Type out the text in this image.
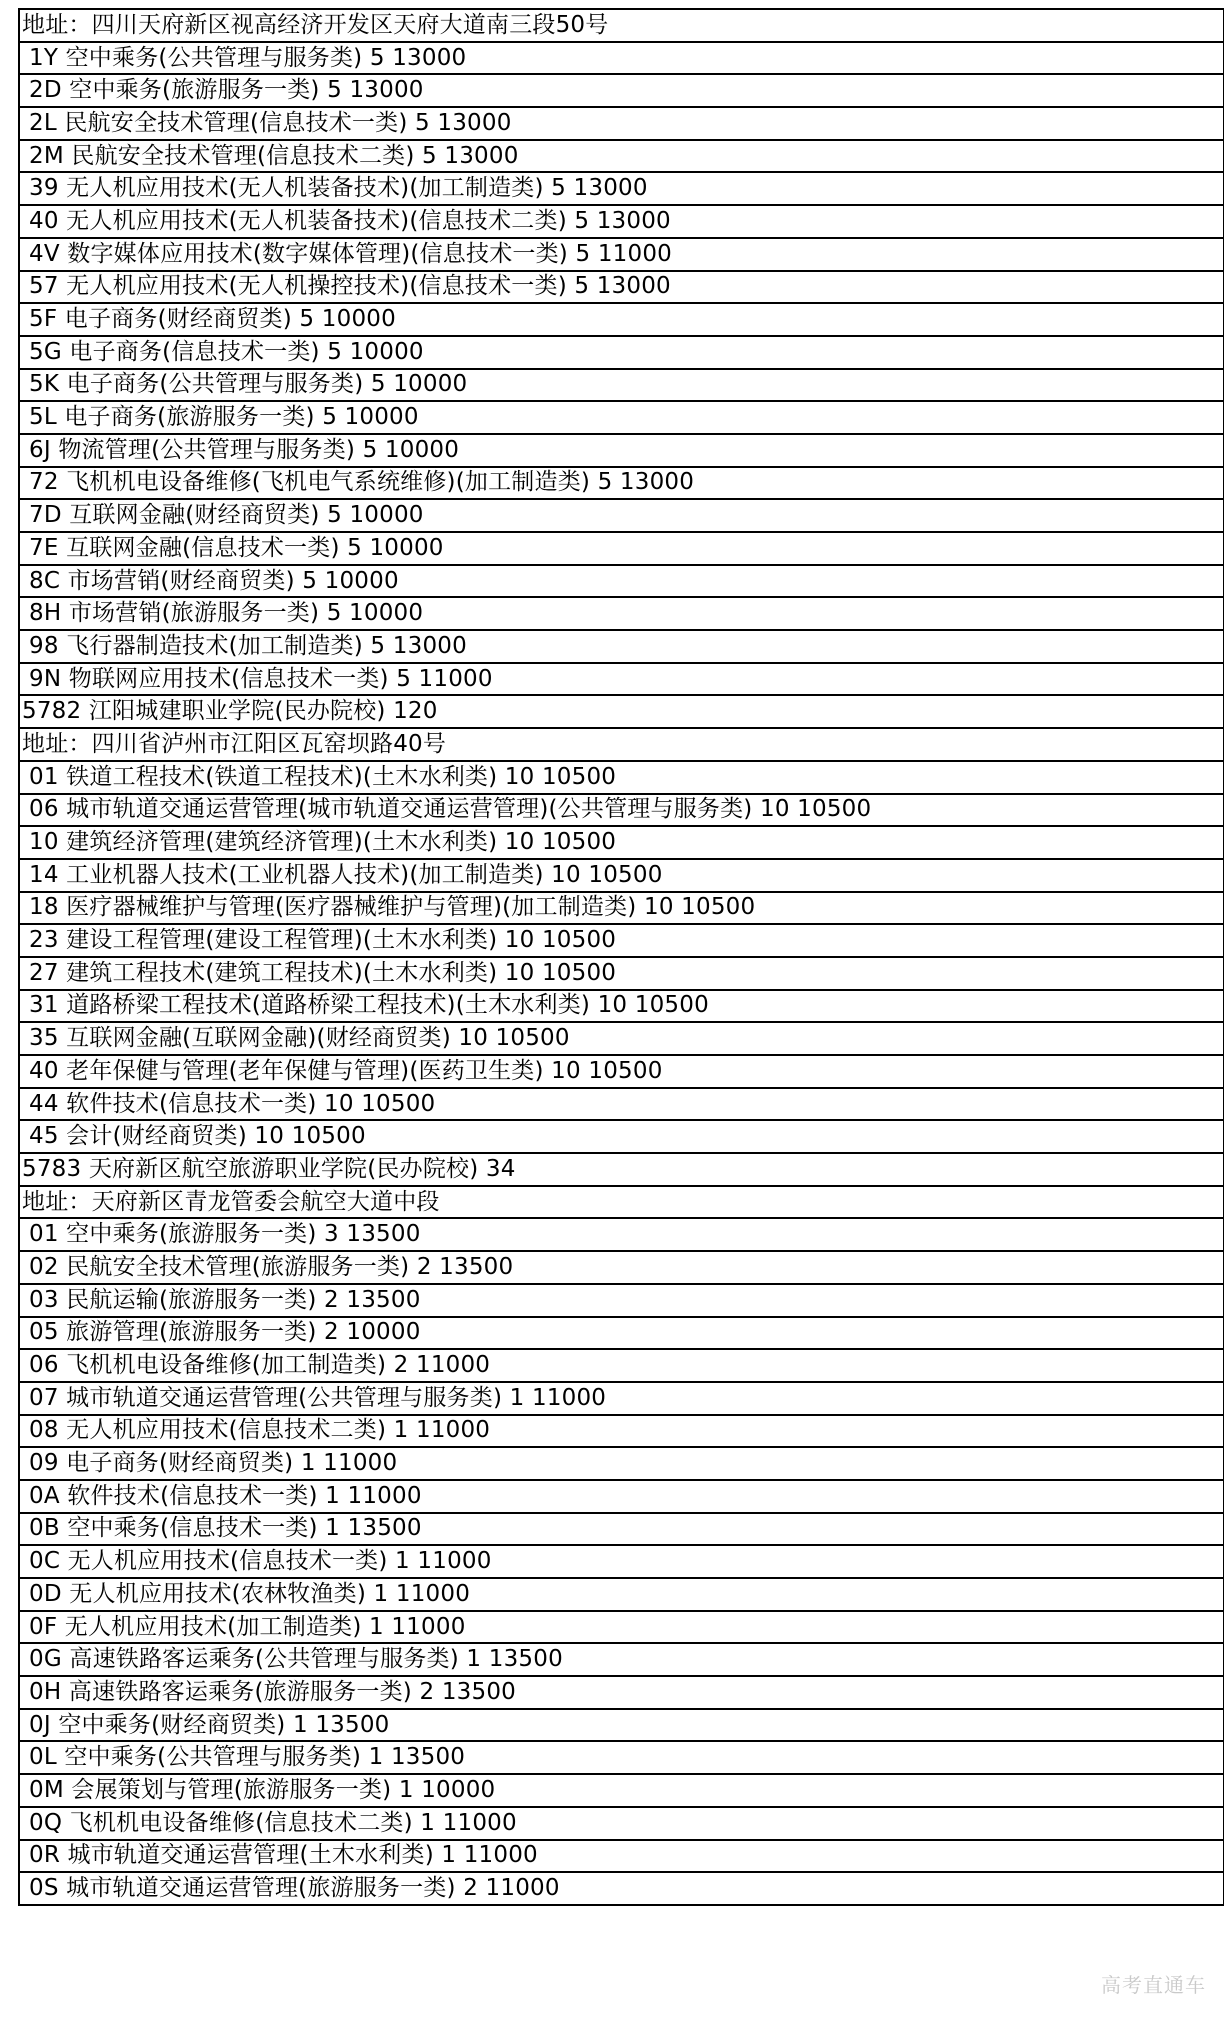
地址：四川天府新区视高经济开发区天府大道南三段50号
1Y 空中乘务(公共管理与服务类) 5 13000
2D 空中乘务(旅游服务一类) 5 13000
2L 民航安全技术管理(信息技术一类) 5 13000
2M 民航安全技术管理(信息技术二类) 5 13000
39 无人机应用技术(无人机装备技术)(加工制造类) 5 13000
40 无人机应用技术(无人机装备技术)(信息技术二类) 5 13000
4V 数字媒体应用技术(数字媒体管理)(信息技术一类) 5 11000
57 无人机应用技术(无人机操控技术)(信息技术一类) 5 13000
5F 电子商务(财经商贸类) 5 10000
5G 电子商务(信息技术一类) 5 10000
5K 电子商务(公共管理与服务类) 5 10000
5L 电子商务(旅游服务一类) 5 10000
6J 物流管理(公共管理与服务类) 5 10000
72 飞机机电设备维修(飞机电气系统维修)(加工制造类) 5 13000
7D 互联网金融(财经商贸类) 5 10000
7E 互联网金融(信息技术一类) 5 10000
8C 市场营销(财经商贸类) 5 10000
8H 市场营销(旅游服务一类) 5 10000
98 飞行器制造技术(加工制造类) 5 13000
9N 物联网应用技术(信息技术一类) 5 11000
5782 江阳城建职业学院(民办院校) 120
地址：四川省泸州市江阳区瓦窑坝路40号
01 铁道工程技术(铁道工程技术)(土木水利类) 10 10500
06 城市轨道交通运营管理(城市轨道交通运营管理)(公共管理与服务类) 10 10500
10 建筑经济管理(建筑经济管理)(土木水利类) 10 10500
14 工业机器人技术(工业机器人技术)(加工制造类) 10 10500
18 医疗器械维护与管理(医疗器械维护与管理)(加工制造类) 10 10500
23 建设工程管理(建设工程管理)(土木水利类) 10 10500
27 建筑工程技术(建筑工程技术)(土木水利类) 10 10500
31 道路桥梁工程技术(道路桥梁工程技术)(土木水利类) 10 10500
35 互联网金融(互联网金融)(财经商贸类) 10 10500
40 老年保健与管理(老年保健与管理)(医药卫生类) 10 10500
44 软件技术(信息技术一类) 10 10500
45 会计(财经商贸类) 10 10500
5783 天府新区航空旅游职业学院(民办院校) 34
地址：天府新区青龙管委会航空大道中段
01 空中乘务(旅游服务一类) 3 13500
02 民航安全技术管理(旅游服务一类) 2 13500
03 民航运输(旅游服务一类) 2 13500
05 旅游管理(旅游服务一类) 2 10000
06 飞机机电设备维修(加工制造类) 2 11000
07 城市轨道交通运营管理(公共管理与服务类) 1 11000
08 无人机应用技术(信息技术二类) 1 11000
09 电子商务(财经商贸类) 1 11000
0A 软件技术(信息技术一类) 1 11000
0B 空中乘务(信息技术一类) 1 13500
0C 无人机应用技术(信息技术一类) 1 11000
0D 无人机应用技术(农林牧渔类) 1 11000
0F 无人机应用技术(加工制造类) 1 11000
0G 高速铁路客运乘务(公共管理与服务类) 1 13500
0H 高速铁路客运乘务(旅游服务一类) 2 13500
0J 空中乘务(财经商贸类) 1 13500
0L 空中乘务(公共管理与服务类) 1 13500
0M 会展策划与管理(旅游服务一类) 1 10000
0Q 飞机机电设备维修(信息技术二类) 1 11000
0R 城市轨道交通运营管理(土木水利类) 1 11000
0S 城市轨道交通运营管理(旅游服务一类) 2 11000
高考直通车
